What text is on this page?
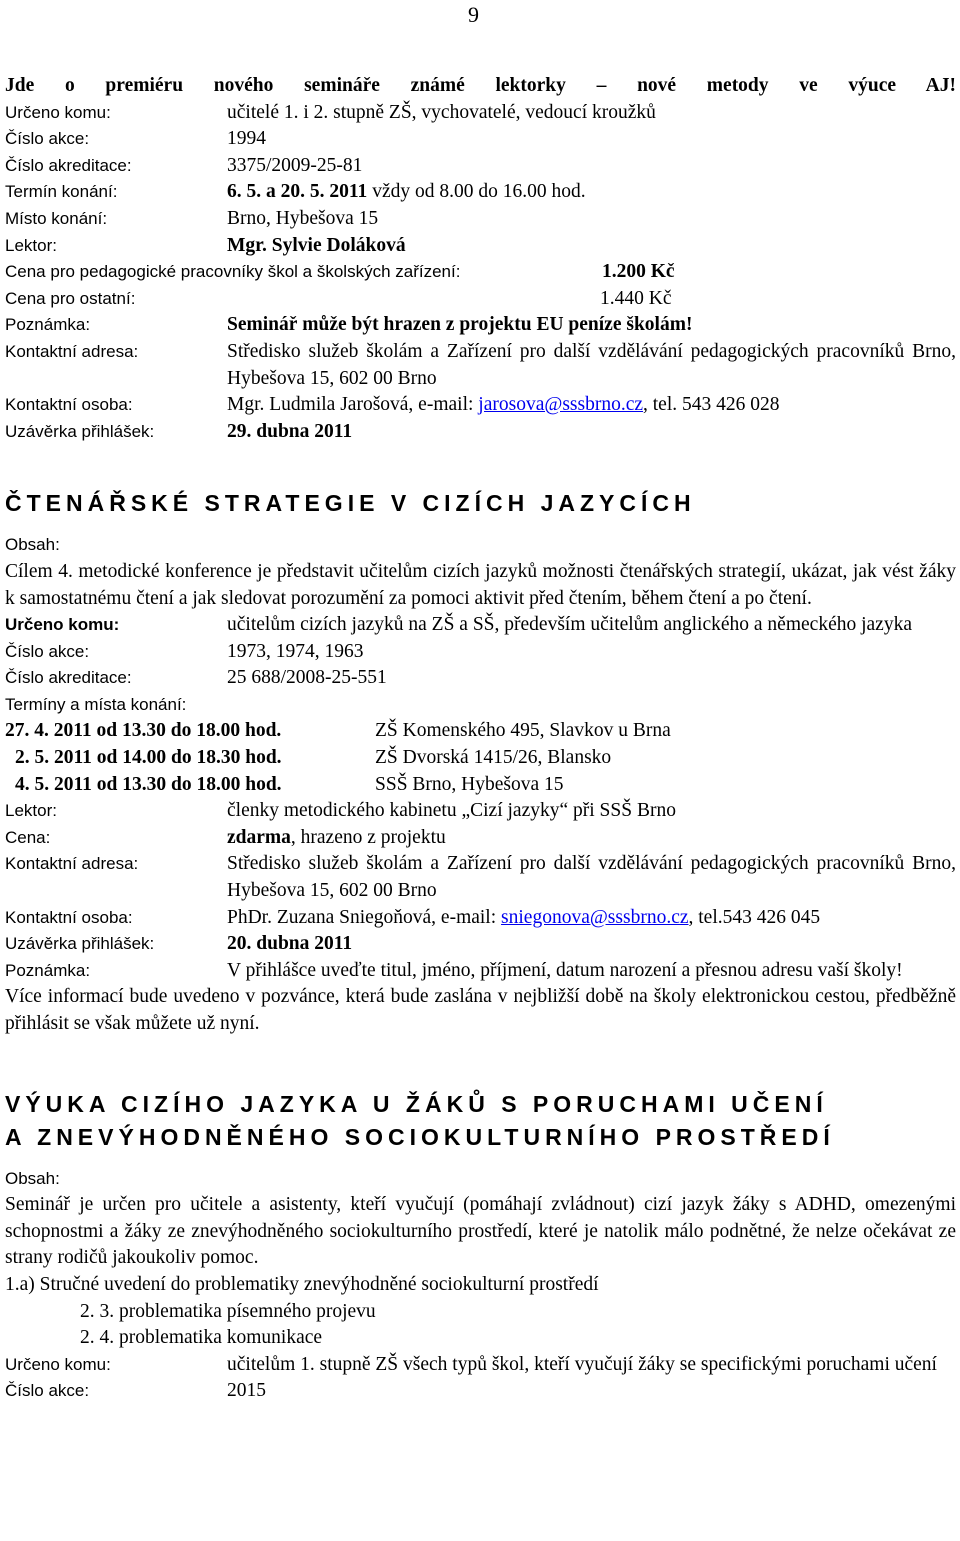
9
Jde o premiéru nového semináře známé lektorky – nové metody ve výuce AJ!
Určeno komu:	učitelé 1. i 2. stupně ZŠ, vychovatelé, vedoucí kroužků
Číslo akce:	1994
Číslo akreditace:	3375/2009-25-81
Termín konání:	6. 5. a 20. 5. 2011 vždy od 8.00 do 16.00 hod.
Místo konání:	Brno, Hybešova 15
Lektor:	Mgr. Sylvie Doláková
Cena pro pedagogické pracovníky škol a školských zařízení:	1.200 Kč
Cena pro ostatní:	1.440 Kč
Poznámka:	Seminář může být hrazen z projektu EU peníze školám!
Kontaktní adresa:	Středisko služeb školám a Zařízení pro další vzdělávání pedagogických pracovníků Brno, Hybešova 15, 602 00 Brno
Kontaktní osoba:	Mgr. Ludmila Jarošová, e-mail: jarosova@sssbrno.cz, tel. 543 426 028
Uzávěrka přihlášek:	29. dubna 2011
ČTENÁŘSKÉ STRATEGIE V CIZÍCH JAZYCÍCH
Obsah:
Cílem 4. metodické konference je představit učitelům cizích jazyků možnosti čtenářských strategií, ukázat, jak vést žáky k samostatnému čtení a jak sledovat porozumění za pomoci aktivit před čtením, během čtení a po čtení.
Určeno komu:	učitelům cizích jazyků na ZŠ a SŠ, především učitelům anglického a německého jazyka
Číslo akce:	1973, 1974, 1963
Číslo akreditace:	25 688/2008-25-551
Termíny a místa konání:
27. 4. 2011 od 13.30 do 18.00 hod.	ZŠ Komenského 495, Slavkov u Brna
2. 5. 2011 od 14.00 do 18.30 hod.	ZŠ Dvorská 1415/26, Blansko
4. 5. 2011 od 13.30 do 18.00 hod.	SSŠ Brno, Hybešova 15
Lektor:	členky metodického kabinetu „Cizí jazyky“ při SSŠ Brno
Cena:	zdarma, hrazeno z projektu
Kontaktní adresa:	Středisko služeb školám a Zařízení pro další vzdělávání pedagogických pracovníků Brno, Hybešova 15, 602 00 Brno
Kontaktní osoba:	PhDr. Zuzana Sniegoňová, e-mail: sniegonova@sssbrno.cz, tel.543 426 045
Uzávěrka přihlášek:	20. dubna 2011
Poznámka:	V přihlášce uveďte titul, jméno, příjmení, datum narození a přesnou adresu vaší školy!
Více informací bude uvedeno v pozvánce, která bude zaslána v nejbližší době na školy elektronickou cestou, předběžně přihlásit se však můžete už nyní.
VÝUKA CIZÍHO JAZYKA U ŽÁKŮ S PORUCHAMI UČENÍ
A ZNEVÝHODNĚNÉHO SOCIOKULTURNÍHO PROSTŘEDÍ
Obsah:
Seminář je určen pro učitele a asistenty, kteří vyučují (pomáhají zvládnout) cizí jazyk žáky s ADHD, omezenými schopnostmi a žáky ze znevýhodněného sociokulturního prostředí, které je natolik málo podnětné, že nelze očekávat ze strany rodičů jakoukoliv pomoc.
1.a) Stručné uvedení do problematiky znevýhodněné sociokulturní prostředí
2. 3. problematika písemného projevu
2. 4. problematika komunikace
Určeno komu:	učitelům 1. stupně ZŠ všech typů škol, kteří vyučují žáky se specifickými poruchami učení
Číslo akce:	2015
